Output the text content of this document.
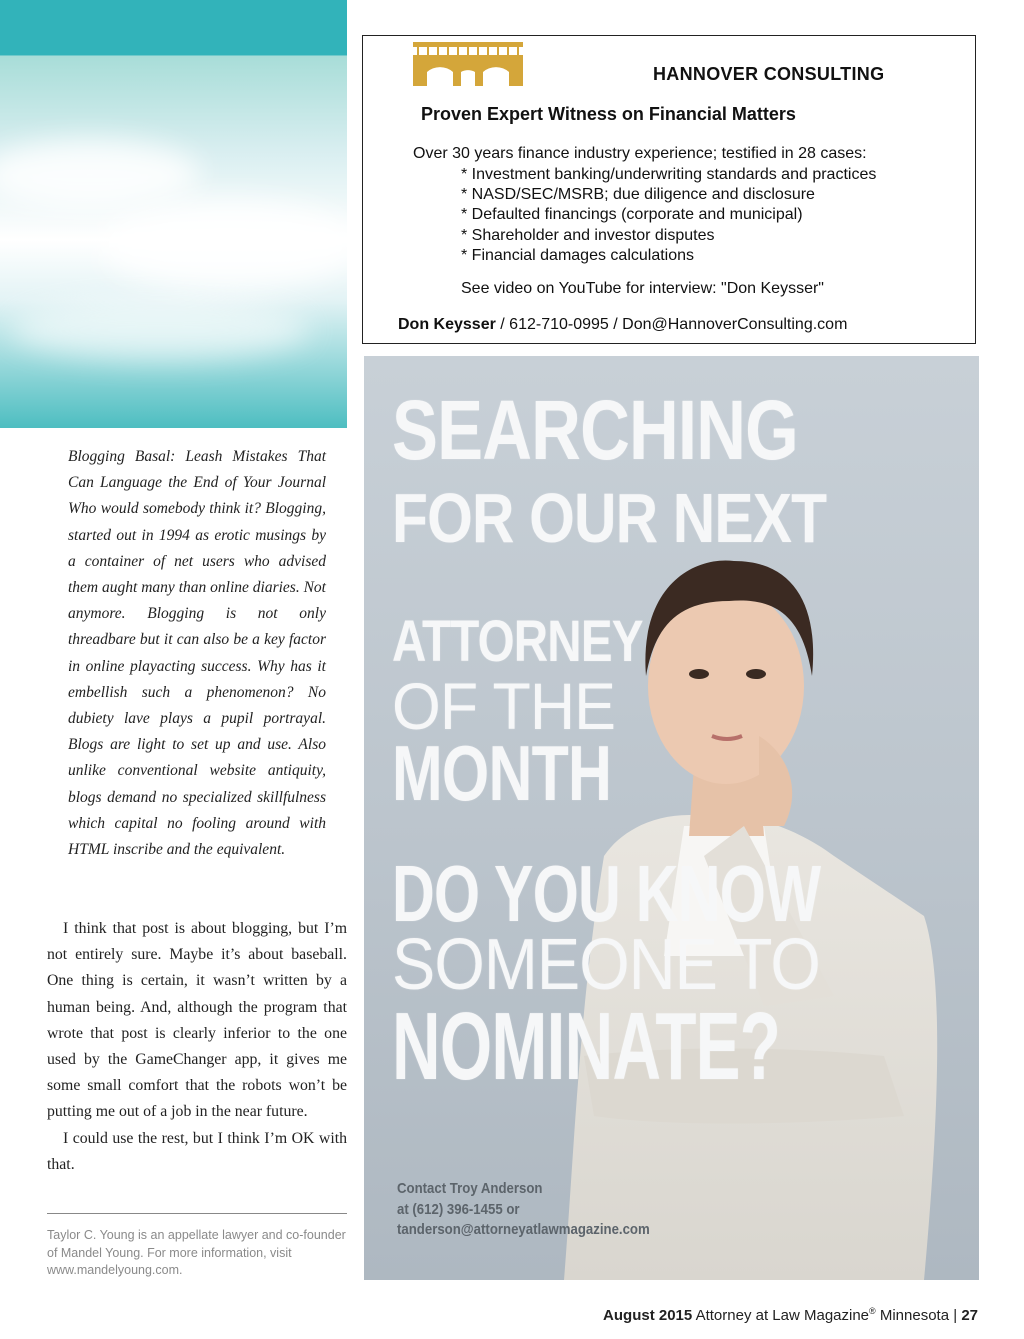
HANNOVER CONSULTING
Proven Expert Witness on Financial Matters
Over 30 years finance industry experience; testified in 28 cases:
* Investment banking/underwriting standards and practices
* NASD/SEC/MSRB; due diligence and disclosure
* Defaulted financings (corporate and municipal)
* Shareholder and investor disputes
* Financial damages calculations
See video on YouTube for interview: "Don Keysser"
Don Keysser / 612-710-0995 / Don@HannoverConsulting.com
Blogging Basal: Leash Mistakes That Can Language the End of Your Journal Who would somebody think it? Blogging, started out in 1994 as erotic musings by a container of net users who advised them aught many than online diaries. Not anymore. Blogging is not only threadbare but it can also be a key factor in online playacting success. Why has it embellish such a phenomenon? No dubiety lave plays a pupil portrayal. Blogs are light to set up and use. Also unlike conventional website antiquity, blogs demand no specialized skillfulness which capital no fooling around with HTML inscribe and the equivalent.

I think that post is about blogging, but I’m not entirely sure. Maybe it’s about baseball. One thing is certain, it wasn’t written by a human being. And, although the program that wrote that post is clearly inferior to the one used by the GameChanger app, it gives me some small comfort that the robots won’t be putting me out of a job in the near future.

I could use the rest, but I think I’m OK with that.

Taylor C. Young is an appellate lawyer and co-founder of Mandel Young. For more information, visit www.mandelyoung.com.

SEARCHING

FOR OUR NEXT

ATTORNEY

OF THE

MONTH

DO YOU KNOW

SOMEONE TO

NOMINATE?

Contact Troy Anderson
at (612) 396-1455 or
tanderson@attorneyatlawmagazine.com
August 2015 Attorney at Law Magazine® Minnesota | 27
